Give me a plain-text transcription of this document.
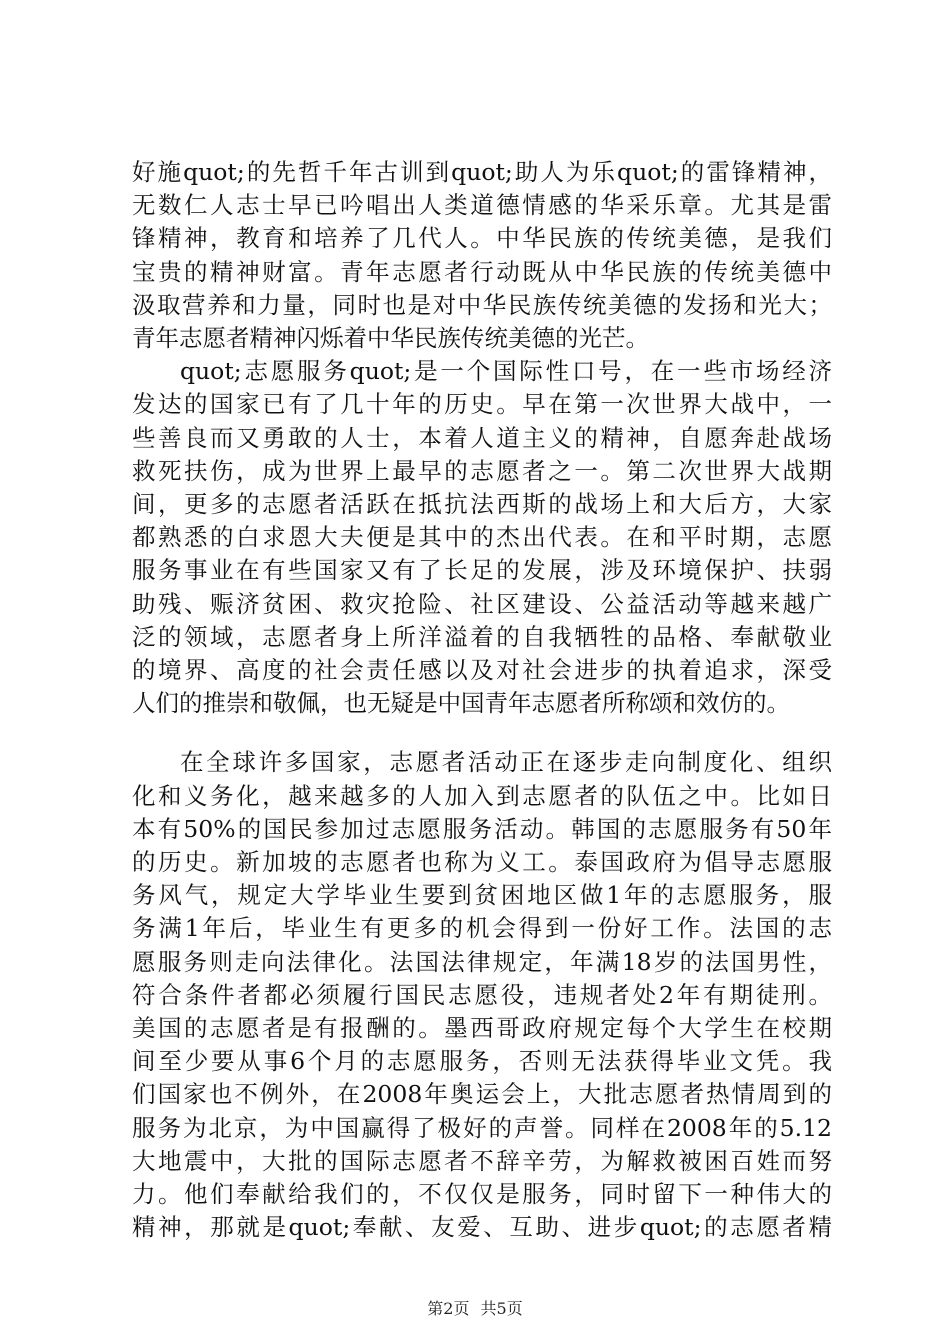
好施quot;的先哲千年古训到quot;助人为乐quot;的雷锋精神，
无数仁人志士早已吟唱出人类道德情感的华采乐章。尤其是雷
锋精神，教育和培养了几代人。中华民族的传统美德，是我们
宝贵的精神财富。青年志愿者行动既从中华民族的传统美德中
汲取营养和力量，同时也是对中华民族传统美德的发扬和光大；
青年志愿者精神闪烁着中华民族传统美德的光芒。

quot;志愿服务quot;是一个国际性口号，在一些市场经济
发达的国家已有了几十年的历史。早在第一次世界大战中，一
些善良而又勇敢的人士，本着人道主义的精神，自愿奔赴战场
救死扶伤，成为世界上最早的志愿者之一。第二次世界大战期
间，更多的志愿者活跃在抵抗法西斯的战场上和大后方，大家
都熟悉的白求恩大夫便是其中的杰出代表。在和平时期，志愿
服务事业在有些国家又有了长足的发展，涉及环境保护、扶弱
助残、赈济贫困、救灾抢险、社区建设、公益活动等越来越广
泛的领域，志愿者身上所洋溢着的自我牺牲的品格、奉献敬业
的境界、高度的社会责任感以及对社会进步的执着追求，深受
人们的推崇和敬佩，也无疑是中国青年志愿者所称颂和效仿的。

在全球许多国家，志愿者活动正在逐步走向制度化、组织
化和义务化，越来越多的人加入到志愿者的队伍之中。比如日
本有50%的国民参加过志愿服务活动。韩国的志愿服务有50年
的历史。新加坡的志愿者也称为义工。泰国政府为倡导志愿服
务风气，规定大学毕业生要到贫困地区做1年的志愿服务，服
务满1年后，毕业生有更多的机会得到一份好工作。法国的志
愿服务则走向法律化。法国法律规定，年满18岁的法国男性，
符合条件者都必须履行国民志愿役，违规者处2年有期徒刑。
美国的志愿者是有报酬的。墨西哥政府规定每个大学生在校期
间至少要从事6个月的志愿服务，否则无法获得毕业文凭。我
们国家也不例外，在2008年奥运会上，大批志愿者热情周到的
服务为北京，为中国赢得了极好的声誉。同样在2008年的5.12
大地震中，大批的国际志愿者不辞辛劳，为解救被困百姓而努
力。他们奉献给我们的，不仅仅是服务，同时留下一种伟大的
精神，那就是quot;奉献、友爱、互助、进步quot;的志愿者精

第2页 共5页
